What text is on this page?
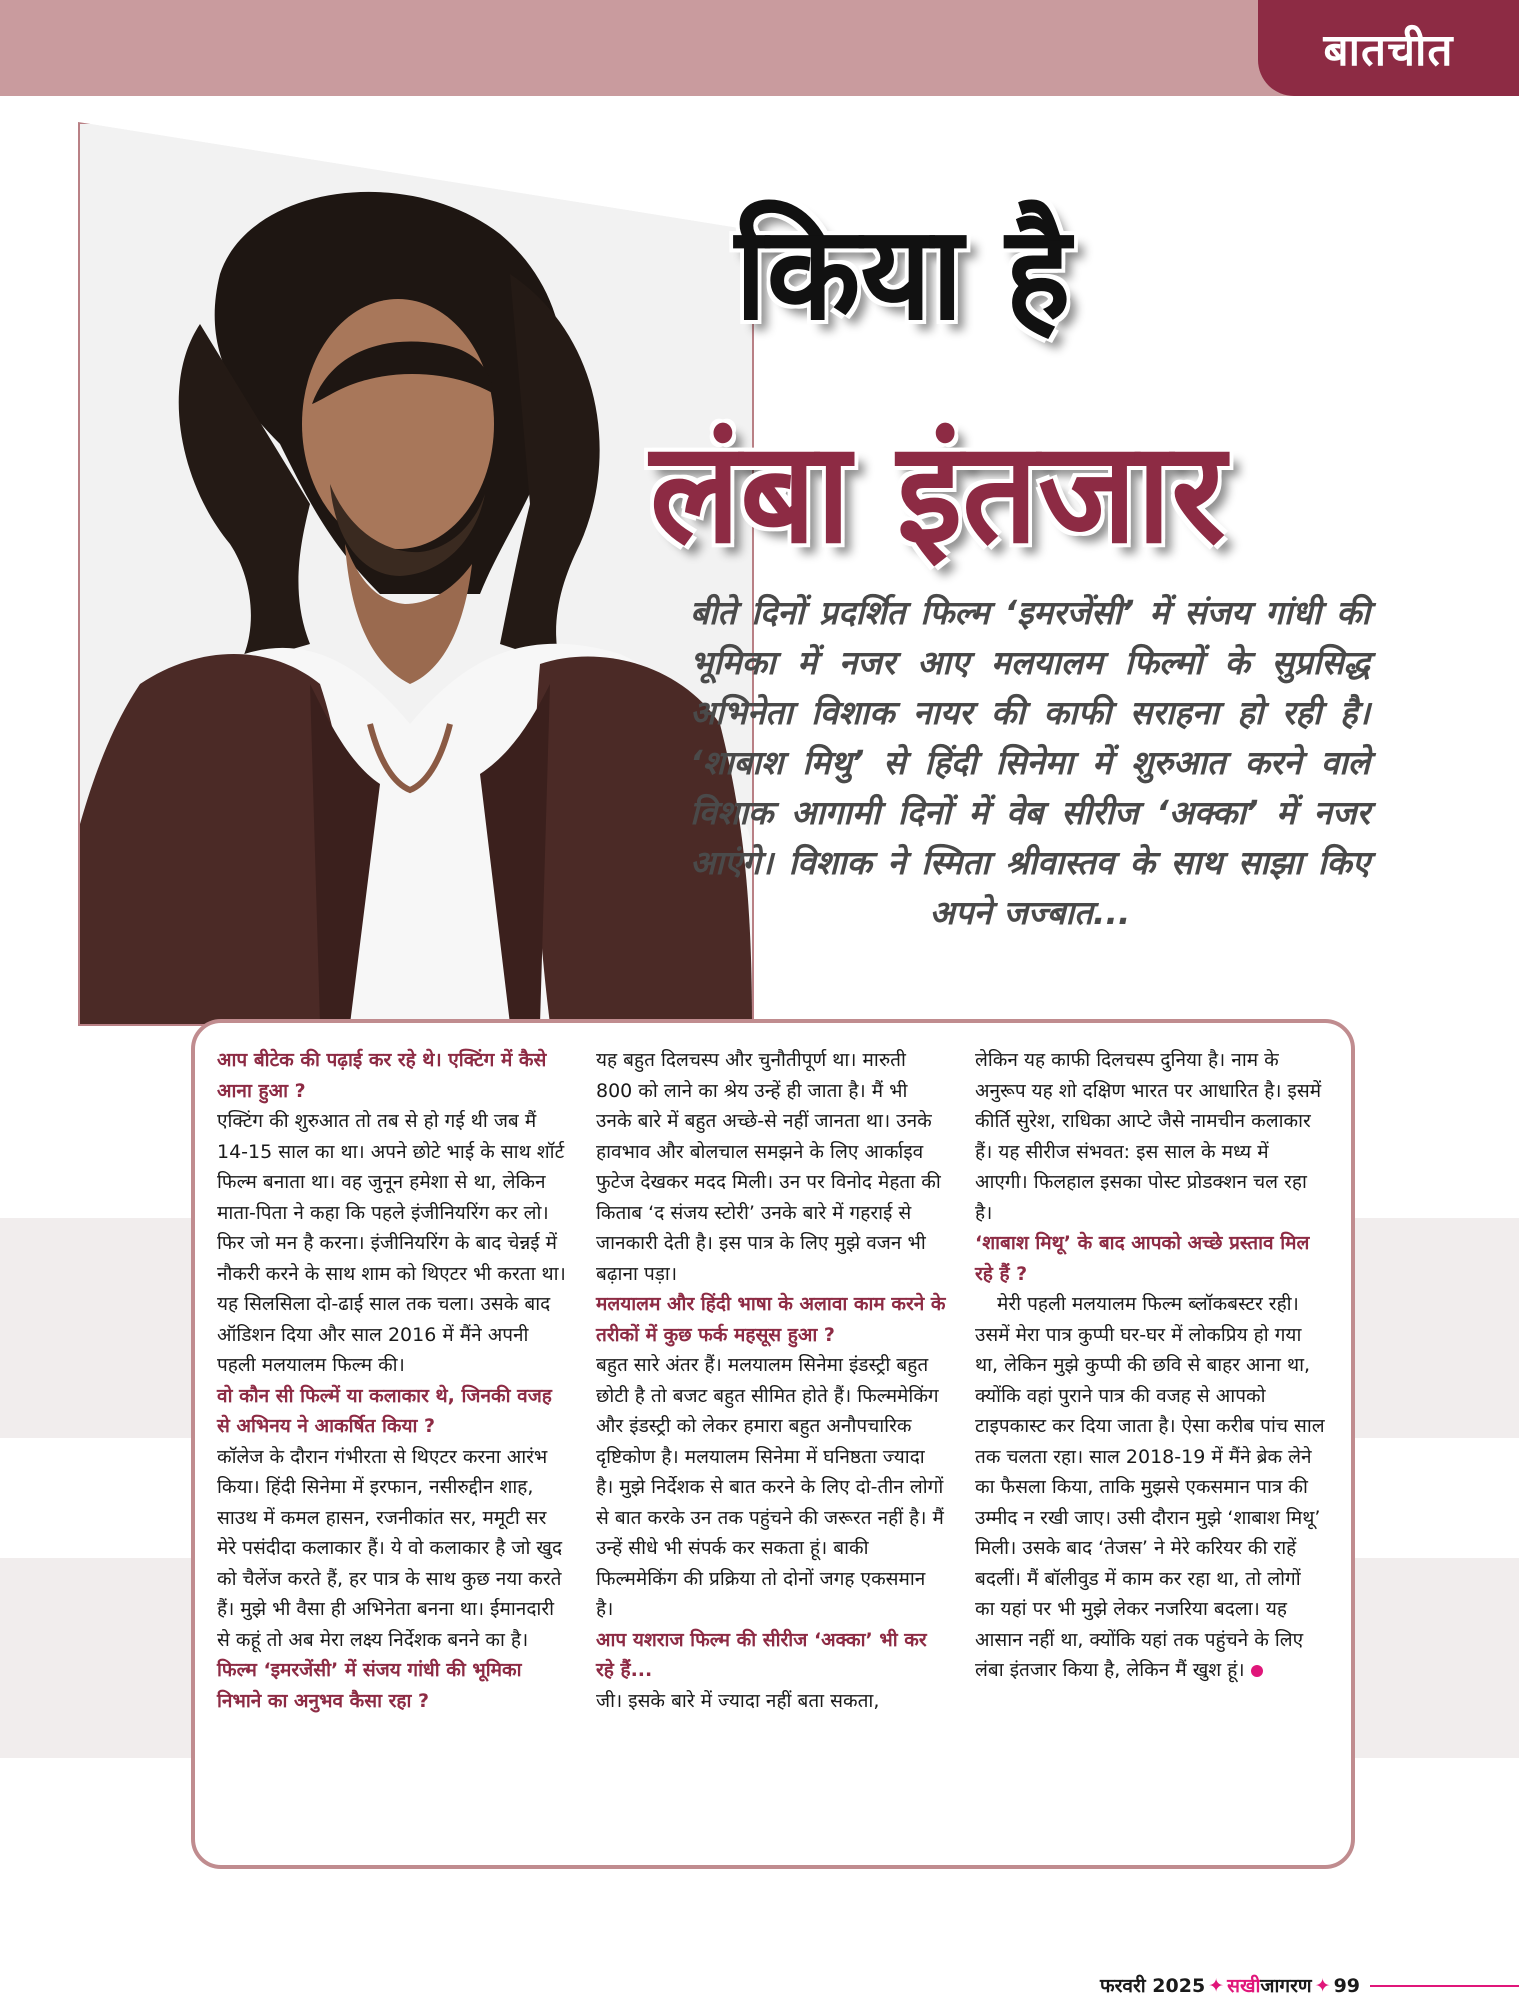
बातचीत
किया है
लंबा इंतजार
बीते दिनों प्रदर्शित फिल्म ‘इमरजेंसी’ में संजय गांधी की भूमिका में नजर आए मलयालम फिल्मों के सुप्रसिद्ध अभिनेता विशाक नायर की काफी सराहना हो रही है। ‘शाबाश मिथु’ से हिंदी सिनेमा में शुरुआत करने वाले विशाक आगामी दिनों में वेब सीरीज ‘अक्का’ में नजर आएंगे। विशाक ने स्मिता श्रीवास्तव के साथ साझा किए अपने जज्बात...

आप बीटेक की पढ़ाई कर रहे थे। एक्टिंग में कैसे आना हुआ ?

एक्टिंग की शुरुआत तो तब से हो गई थी जब मैं 14-15 साल का था। अपने छोटे भाई के साथ शॉर्ट फिल्म बनाता था। वह जुनून हमेशा से था, लेकिन माता-पिता ने कहा कि पहले इंजीनियरिंग कर लो। फिर जो मन है करना। इंजीनियरिंग के बाद चेन्नई में नौकरी करने के साथ शाम को थिएटर भी करता था। यह सिलसिला दो-ढाई साल तक चला। उसके बाद ऑडिशन दिया और साल 2016 में मैंने अपनी पहली मलयालम फिल्म की।

वो कौन सी फिल्में या कलाकार थे, जिनकी वजह से अभिनय ने आकर्षित किया ?

कॉलेज के दौरान गंभीरता से थिएटर करना आरंभ किया। हिंदी सिनेमा में इरफान, नसीरुद्दीन शाह, साउथ में कमल हासन, रजनीकांत सर, ममूटी सर मेरे पसंदीदा कलाकार हैं। ये वो कलाकार है जो खुद को चैलेंज करते हैं, हर पात्र के साथ कुछ नया करते हैं। मुझे भी वैसा ही अभिनेता बनना था। ईमानदारी से कहूं तो अब मेरा लक्ष्य निर्देशक बनने का है।

फिल्म ‘इमरजेंसी’ में संजय गांधी की भूमिका निभाने का अनुभव कैसा रहा ?

यह बहुत दिलचस्प और चुनौतीपूर्ण था। मारुती 800 को लाने का श्रेय उन्हें ही जाता है। मैं भी उनके बारे में बहुत अच्छे-से नहीं जानता था। उनके हावभाव और बोलचाल समझने के लिए आर्काइव फुटेज देखकर मदद मिली। उन पर विनोद मेहता की किताब ‘द संजय स्टोरी’ उनके बारे में गहराई से जानकारी देती है। इस पात्र के लिए मुझे वजन भी बढ़ाना पड़ा।

मलयालम और हिंदी भाषा के अलावा काम करने के तरीकों में कुछ फर्क महसूस हुआ ?

बहुत सारे अंतर हैं। मलयालम सिनेमा इंडस्ट्री बहुत छोटी है तो बजट बहुत सीमित होते हैं। फिल्ममेकिंग और इंडस्ट्री को लेकर हमारा बहुत अनौपचारिक दृष्टिकोण है। मलयालम सिनेमा में घनिष्ठता ज्यादा है। मुझे निर्देशक से बात करने के लिए दो-तीन लोगों से बात करके उन तक पहुंचने की जरूरत नहीं है। मैं उन्हें सीधे भी संपर्क कर सकता हूं। बाकी फिल्ममेकिंग की प्रक्रिया तो दोनों जगह एकसमान है।

आप यशराज फिल्म की सीरीज ‘अक्का’ भी कर रहे हैं...

जी। इसके बारे में ज्यादा नहीं बता सकता,

लेकिन यह काफी दिलचस्प दुनिया है। नाम के अनुरूप यह शो दक्षिण भारत पर आधारित है। इसमें कीर्ति सुरेश, राधिका आप्टे जैसे नामचीन कलाकार हैं। यह सीरीज संभवत: इस साल के मध्य में आएगी। फिलहाल इसका पोस्ट प्रोडक्शन चल रहा है।

‘शाबाश मिथू’ के बाद आपको अच्छे प्रस्ताव मिल रहे हैं ?

मेरी पहली मलयालम फिल्म ब्लॉकबस्टर रही। उसमें मेरा पात्र कुप्पी घर-घर में लोकप्रिय हो गया था, लेकिन मुझे कुप्पी की छवि से बाहर आना था, क्योंकि वहां पुराने पात्र की वजह से आपको टाइपकास्ट कर दिया जाता है। ऐसा करीब पांच साल तक चलता रहा। साल 2018-19 में मैंने ब्रेक लेने का फैसला किया, ताकि मुझसे एकसमान पात्र की उम्मीद न रखी जाए। उसी दौरान मुझे ‘शाबाश मिथू’ मिली। उसके बाद ‘तेजस’ ने मेरे करियर की राहें बदलीं। मैं बॉलीवुड में काम कर रहा था, तो लोगों का यहां पर भी मुझे लेकर नजरिया बदला। यह आसान नहीं था, क्योंकि यहां तक पहुंचने के लिए लंबा इंतजार किया है, लेकिन मैं खुश हूं।

फरवरी 2025 ✦ सखीजागरण ✦ 99
